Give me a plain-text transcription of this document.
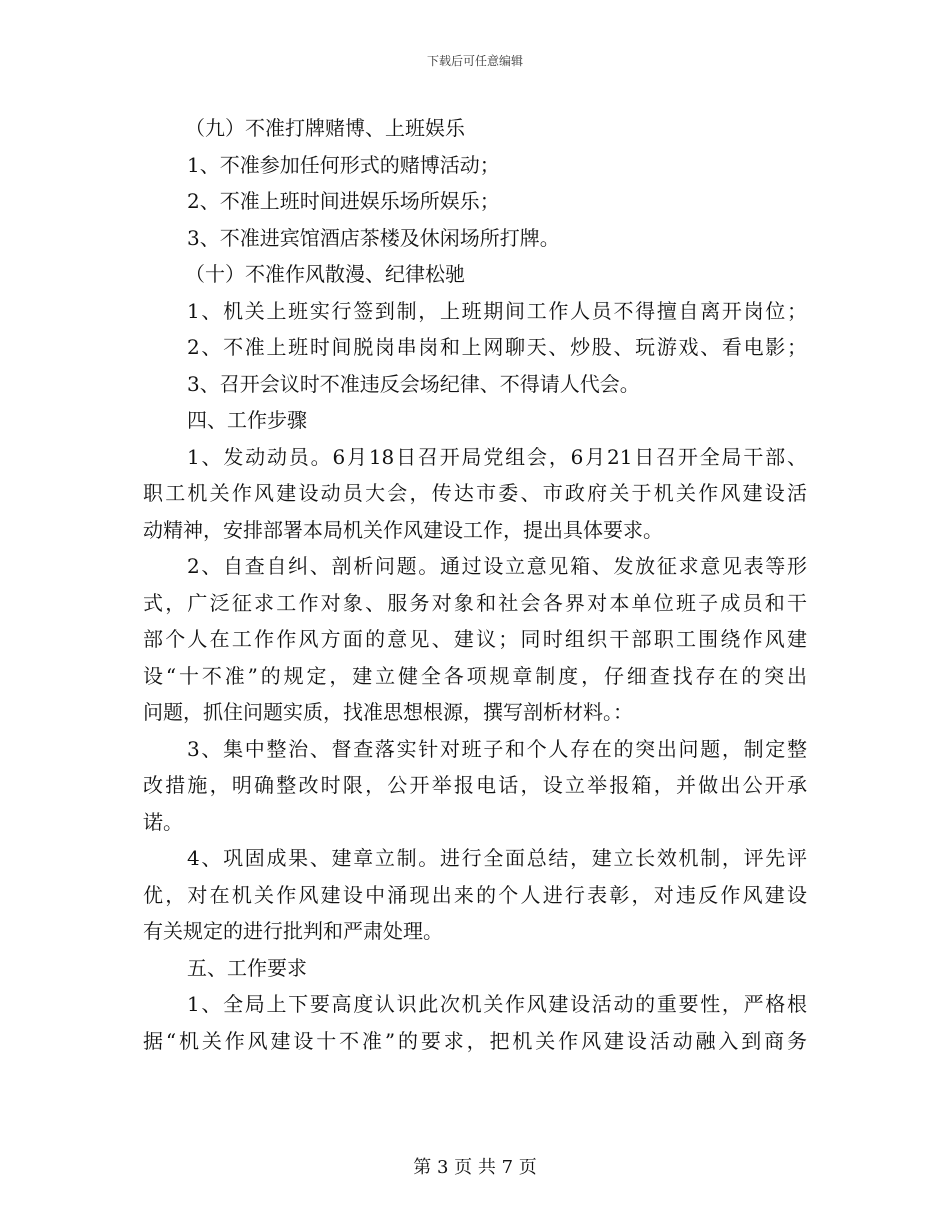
下载后可任意编辑
（九）不准打牌赌博、上班娱乐
1、不准参加任何形式的赌博活动；
2、不准上班时间进娱乐场所娱乐；
3、不准进宾馆酒店茶楼及休闲场所打牌。
（十）不准作风散漫、纪律松驰
1、机关上班实行签到制，上班期间工作人员不得擅自离开岗位；
2、不准上班时间脱岗串岗和上网聊天、炒股、玩游戏、看电影；
3、召开会议时不准违反会场纪律、不得请人代会。
四、工作步骤
1、发动动员。6月18日召开局党组会，6月21日召开全局干部、
职工机关作风建设动员大会，传达市委、市政府关于机关作风建设活
动精神，安排部署本局机关作风建设工作，提出具体要求。
2、自查自纠、剖析问题。通过设立意见箱、发放征求意见表等形
式，广泛征求工作对象、服务对象和社会各界对本单位班子成员和干
部个人在工作作风方面的意见、建议；同时组织干部职工围绕作风建
设“十不准”的规定，建立健全各项规章制度，仔细查找存在的突出
问题，抓住问题实质，找准思想根源，撰写剖析材料。：
3、集中整治、督查落实针对班子和个人存在的突出问题，制定整
改措施，明确整改时限，公开举报电话，设立举报箱，并做出公开承
诺。
4、巩固成果、建章立制。进行全面总结，建立长效机制，评先评
优，对在机关作风建设中涌现出来的个人进行表彰，对违反作风建设
有关规定的进行批判和严肃处理。
五、工作要求
1、全局上下要高度认识此次机关作风建设活动的重要性，严格根
据“机关作风建设十不准”的要求，把机关作风建设活动融入到商务
第 3 页 共 7 页
